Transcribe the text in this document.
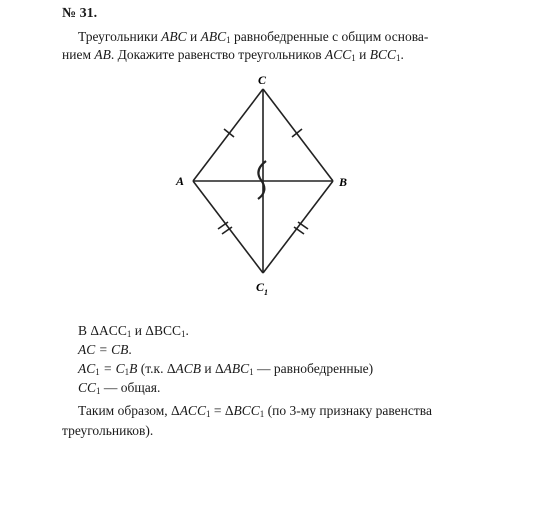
№ 31.
Треугольники ABC и $ABC_1$ равнобедренные с общим основа-
нием AB. Докажите равенство треугольников $ACC_1$ и $BCC_1$.
C
A	B
C 1
В $\Delta ACC_1$ и $\Delta BCC_1$.
AC = CB.
$AC_1 = C_1B$ (т.к. ΔACB и $\Delta ABC_1$ — равнобедренные)
$CC_1$ — общая.
Таким образом, $\Delta ACC_1 = \Delta BCC_1$ (по 3-му признаку равенства
треугольников).
